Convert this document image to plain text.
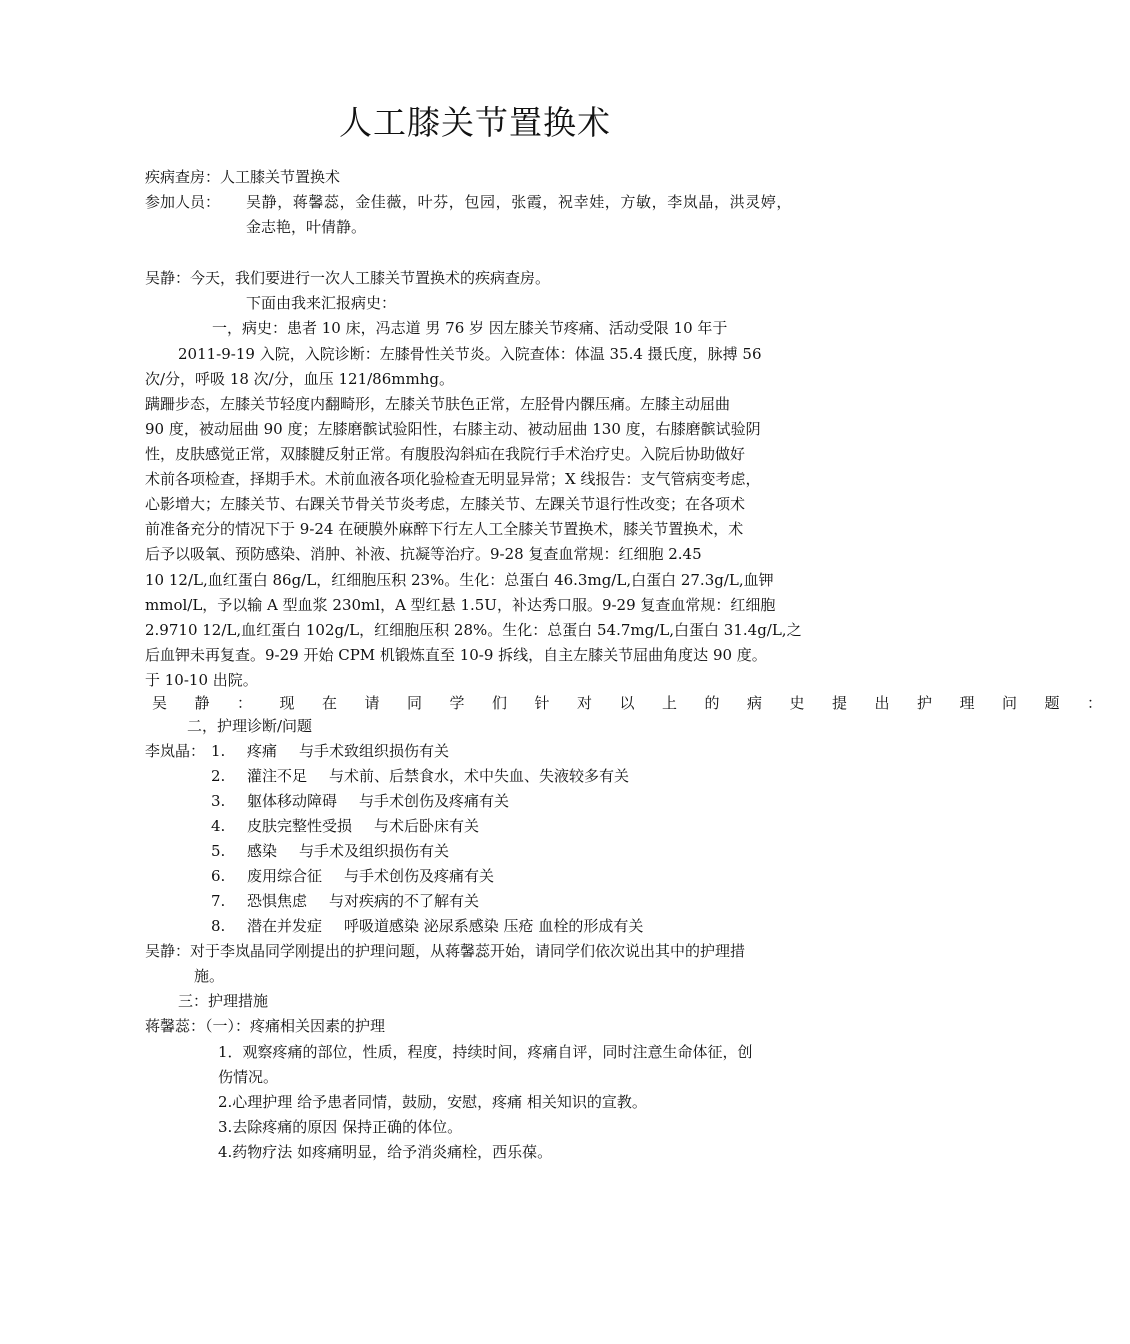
人工膝关节置换术
疾病查房：人工膝关节置换术
参加人员： 吴静，蒋馨蕊，金佳薇，叶芬，包园，张霞，祝幸娃，方敏，李岚晶，洪灵婷，
金志艳，叶倩静。
吴静：今天，我们要进行一次人工膝关节置换术的疾病查房。
下面由我来汇报病史：
一，病史：患者 10 床，冯志道 男 76 岁 因左膝关节疼痛、活动受限 10 年于
2011-9-19 入院，入院诊断：左膝骨性关节炎。入院查体：体温 35.4 摄氏度，脉搏 56
次/分，呼吸 18 次/分，血压 121/86mmhg。
蹒跚步态，左膝关节轻度内翻畸形，左膝关节肤色正常，左胫骨内髁压痛。左膝主动屈曲
90 度，被动屈曲 90 度；左膝磨髌试验阳性，右膝主动、被动屈曲 130 度，右膝磨髌试验阴
性，皮肤感觉正常，双膝腱反射正常。有腹股沟斜疝在我院行手术治疗史。入院后协助做好
术前各项检查，择期手术。术前血液各项化验检查无明显异常；X 线报告：支气管病变考虑，
心影增大；左膝关节、右踝关节骨关节炎考虑，左膝关节、左踝关节退行性改变；在各项术
前准备充分的情况下于 9-24 在硬膜外麻醉下行左人工全膝关节置换术，膝关节置换术，术
后予以吸氧、预防感染、消肿、补液、抗凝等治疗。9-28 复查血常规：红细胞 2.45
10 12/L,血红蛋白 86g/L，红细胞压积 23%。生化：总蛋白 46.3mg/L,白蛋白 27.3g/L,血钾
mmol/L，予以输 A 型血浆 230ml，A 型红悬 1.5U，补达秀口服。9-29 复查血常规：红细胞
2.9710 12/L,血红蛋白 102g/L，红细胞压积 28%。生化：总蛋白 54.7mg/L,白蛋白 31.4g/L,之
后血钾未再复查。9-29 开始 CPM 机锻炼直至 10-9 拆线，自主左膝关节屈曲角度达 90 度。
于 10-10 出院。
吴静：现在请同学们针对以上的病史提出护理问题：
二，护理诊断/问题
李岚晶： 1. 疼痛 与手术致组织损伤有关
2. 灌注不足 与术前、后禁食水，术中失血、失液较多有关
3. 躯体移动障碍 与手术创伤及疼痛有关
4. 皮肤完整性受损 与术后卧床有关
5. 感染 与手术及组织损伤有关
6. 废用综合征 与手术创伤及疼痛有关
7. 恐惧焦虑 与对疾病的不了解有关
8. 潜在并发症 呼吸道感染 泌尿系感染 压疮 血栓的形成有关
吴静：对于李岚晶同学刚提出的护理问题，从蒋馨蕊开始，请同学们依次说出其中的护理措
施。
三：护理措施
蒋馨蕊：（一）：疼痛相关因素的护理
1．观察疼痛的部位，性质，程度，持续时间，疼痛自评，同时注意生命体征，创
伤情况。
2.心理护理 给予患者同情，鼓励，安慰，疼痛 相关知识的宣教。
3.去除疼痛的原因 保持正确的体位。
4.药物疗法 如疼痛明显，给予消炎痛栓，西乐葆。
